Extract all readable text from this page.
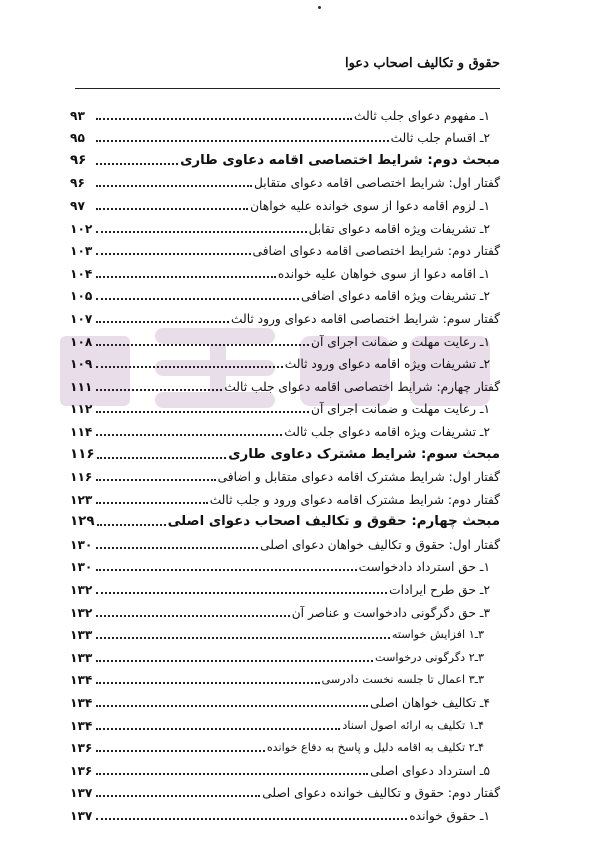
حقوق و تکالیف اصحاب دعوا
۱ـ مفهوم دعوای جلب ثالث
۹۳
۲ـ اقسام جلب ثالث
۹۵
مبحث دوم: شرایط اختصاصی اقامه دعاوی طاری
۹۶
گفتار اول: شرایط اختصاصی اقامه دعوای متقابل
۹۶
۱ـ لزوم اقامه دعوا از سوی خوانده علیه خواهان
۹۷
۲ـ تشریفات ویژه اقامه دعوای تقابل
۱۰۲
گفتار دوم: شرایط اختصاصی اقامه دعوای اضافی
۱۰۳
۱ـ اقامه دعوا از سوی خواهان علیه خوانده
۱۰۴
۲ـ تشریفات ویژه اقامه دعوای اضافی
۱۰۵
گفتار سوم: شرایط اختصاصی اقامه دعوای ورود ثالث
۱۰۷
۱ـ رعایت مهلت و ضمانت اجرای آن
۱۰۸
۲ـ تشریفات ویژه اقامه دعوای ورود ثالث
۱۰۹
گفتار چهارم: شرایط اختصاصی اقامه دعوای جلب ثالث
۱۱۱
۱ـ رعایت مهلت و ضمانت اجرای آن
۱۱۲
۲ـ تشریفات ویژه اقامه دعوای جلب ثالث
۱۱۴
مبحث سوم: شرایط مشترک دعاوی طاری
۱۱۶
گفتار اول: شرایط مشترک اقامه دعوای متقابل و اضافی
۱۱۶
گفتار دوم: شرایط مشترک اقامه دعوای ورود و جلب ثالث
۱۲۳
مبحث چهارم: حقوق و تکالیف اصحاب دعوای اصلی
۱۲۹
گفتار اول: حقوق و تکالیف خواهان دعوای اصلی
۱۳۰
۱ـ حق استرداد دادخواست
۱۳۰
۲ـ حق طرح ایرادات
۱۳۲
۳ـ حق دگرگونی دادخواست و عناصر آن
۱۳۲
۳ـ۱ افزایش خواسته
۱۳۳
۳ـ۲ دگرگونی درخواست
۱۳۳
۳ـ۳ اعمال تا جلسه نخست دادرسی
۱۳۴
۴ـ تکالیف خواهان اصلی
۱۳۴
۴ـ۱ تکلیف به ارائه اصول اسناد
۱۳۴
۴ـ۲ تکلیف به اقامه دلیل و پاسخ به دفاع خوانده
۱۳۶
۵ـ استرداد دعوای اصلی
۱۳۶
گفتار دوم: حقوق و تکالیف خوانده دعوای اصلی
۱۳۷
۱ـ حقوق خوانده
۱۳۷
